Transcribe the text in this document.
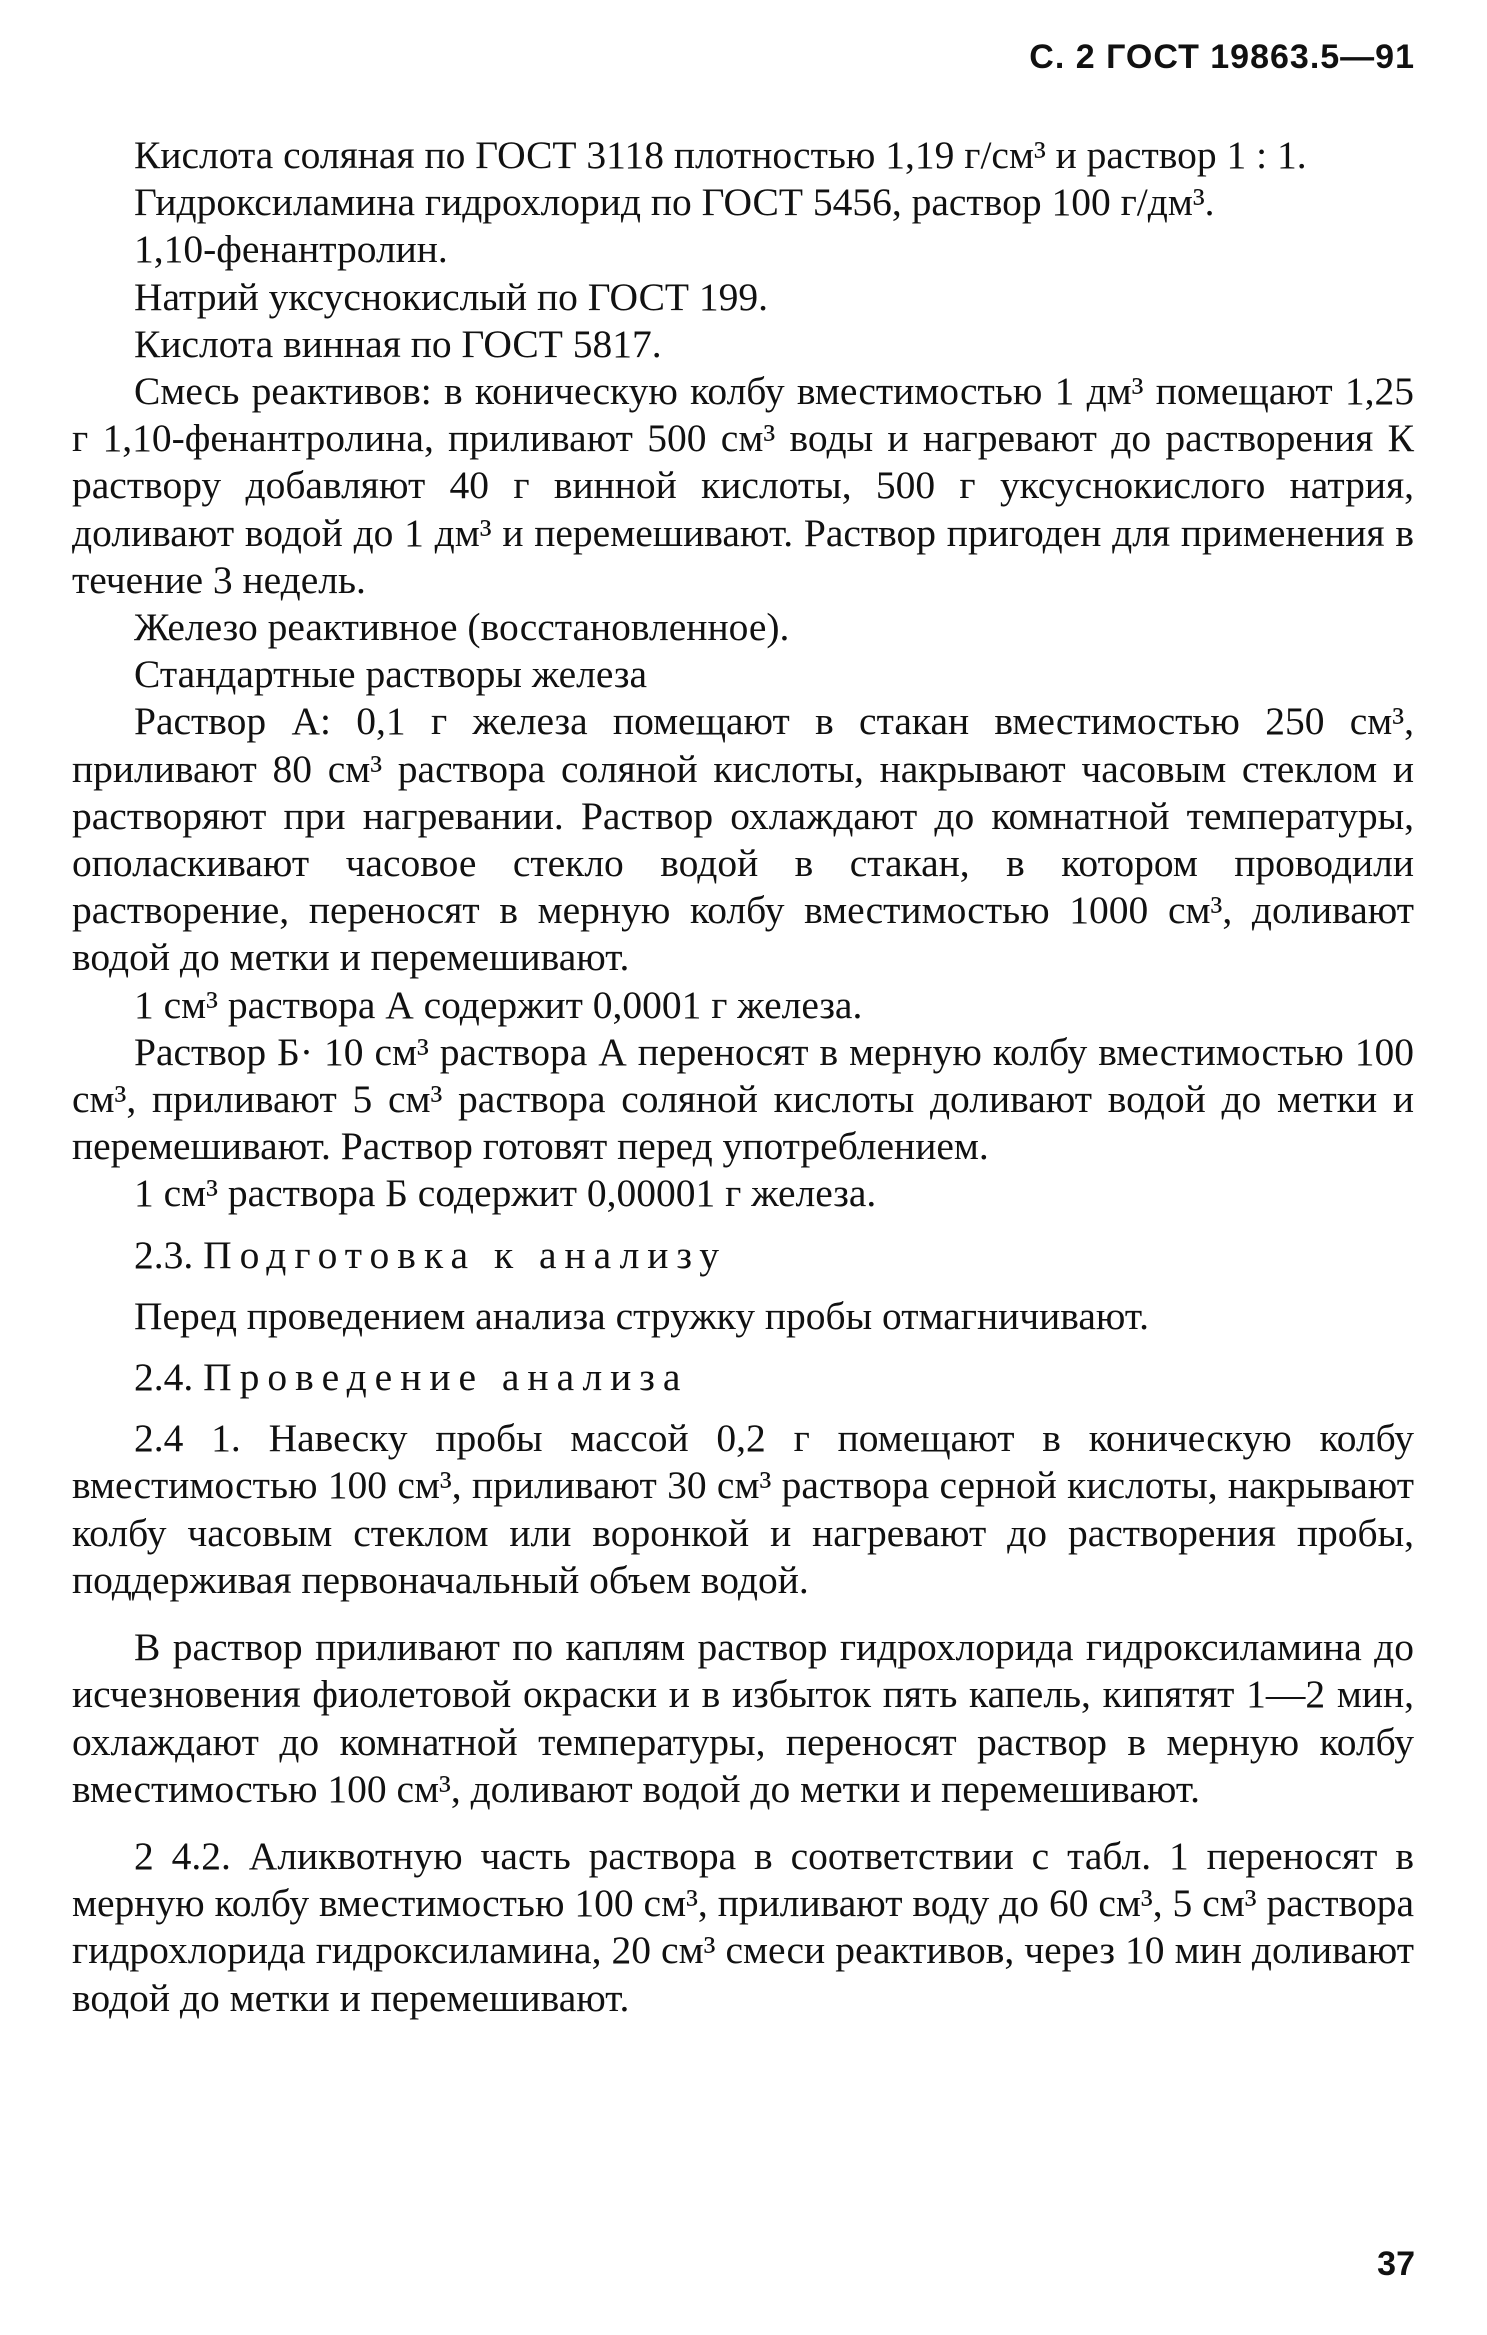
С. 2 ГОСТ 19863.5—91

Кислота соляная по ГОСТ 3118 плотностью 1,19 г/см³ и раствор 1 : 1.

Гидроксиламина гидрохлорид по ГОСТ 5456, раствор 100 г/дм³.

1,10-фенантролин.

Натрий уксуснокислый по ГОСТ 199.

Кислота винная по ГОСТ 5817.

Смесь реактивов: в коническую колбу вместимостью 1 дм³ помещают 1,25 г 1,10-фенантролина, приливают 500 см³ воды и нагревают до растворения К раствору добавляют 40 г винной кислоты, 500 г уксуснокислого натрия, доливают водой до 1 дм³ и перемешивают. Раствор пригоден для применения в течение 3 недель.

Железо реактивное (восстановленное).

Стандартные растворы железа

Раствор А: 0,1 г железа помещают в стакан вместимостью 250 см³, приливают 80 см³ раствора соляной кислоты, накрывают часовым стеклом и растворяют при нагревании. Раствор охлаждают до комнатной температуры, ополаскивают часовое стекло водой в стакан, в котором проводили растворение, переносят в мерную колбу вместимостью 1000 см³, доливают водой до метки и перемешивают.

1 см³ раствора А содержит 0,0001 г железа.

Раствор Б· 10 см³ раствора А переносят в мерную колбу вместимостью 100 см³, приливают 5 см³ раствора соляной кислоты доливают водой до метки и перемешивают. Раствор готовят перед употреблением.

1 см³ раствора Б содержит 0,00001 г железа.

2.3. Подготовка к анализу

Перед проведением анализа стружку пробы отмагничивают.

2.4. Проведение анализа

2.4 1. Навеску пробы массой 0,2 г помещают в коническую колбу вместимостью 100 см³, приливают 30 см³ раствора серной кислоты, накрывают колбу часовым стеклом или воронкой и нагревают до растворения пробы, поддерживая первоначальный объем водой.

В раствор приливают по каплям раствор гидрохлорида гидроксиламина до исчезновения фиолетовой окраски и в избыток пять капель, кипятят 1—2 мин, охлаждают до комнатной температуры, переносят раствор в мерную колбу вместимостью 100 см³, доливают водой до метки и перемешивают.

2 4.2. Аликвотную часть раствора в соответствии с табл. 1 переносят в мерную колбу вместимостью 100 см³, приливают воду до 60 см³, 5 см³ раствора гидрохлорида гидроксиламина, 20 см³ смеси реактивов, через 10 мин доливают водой до метки и перемешивают.

37
